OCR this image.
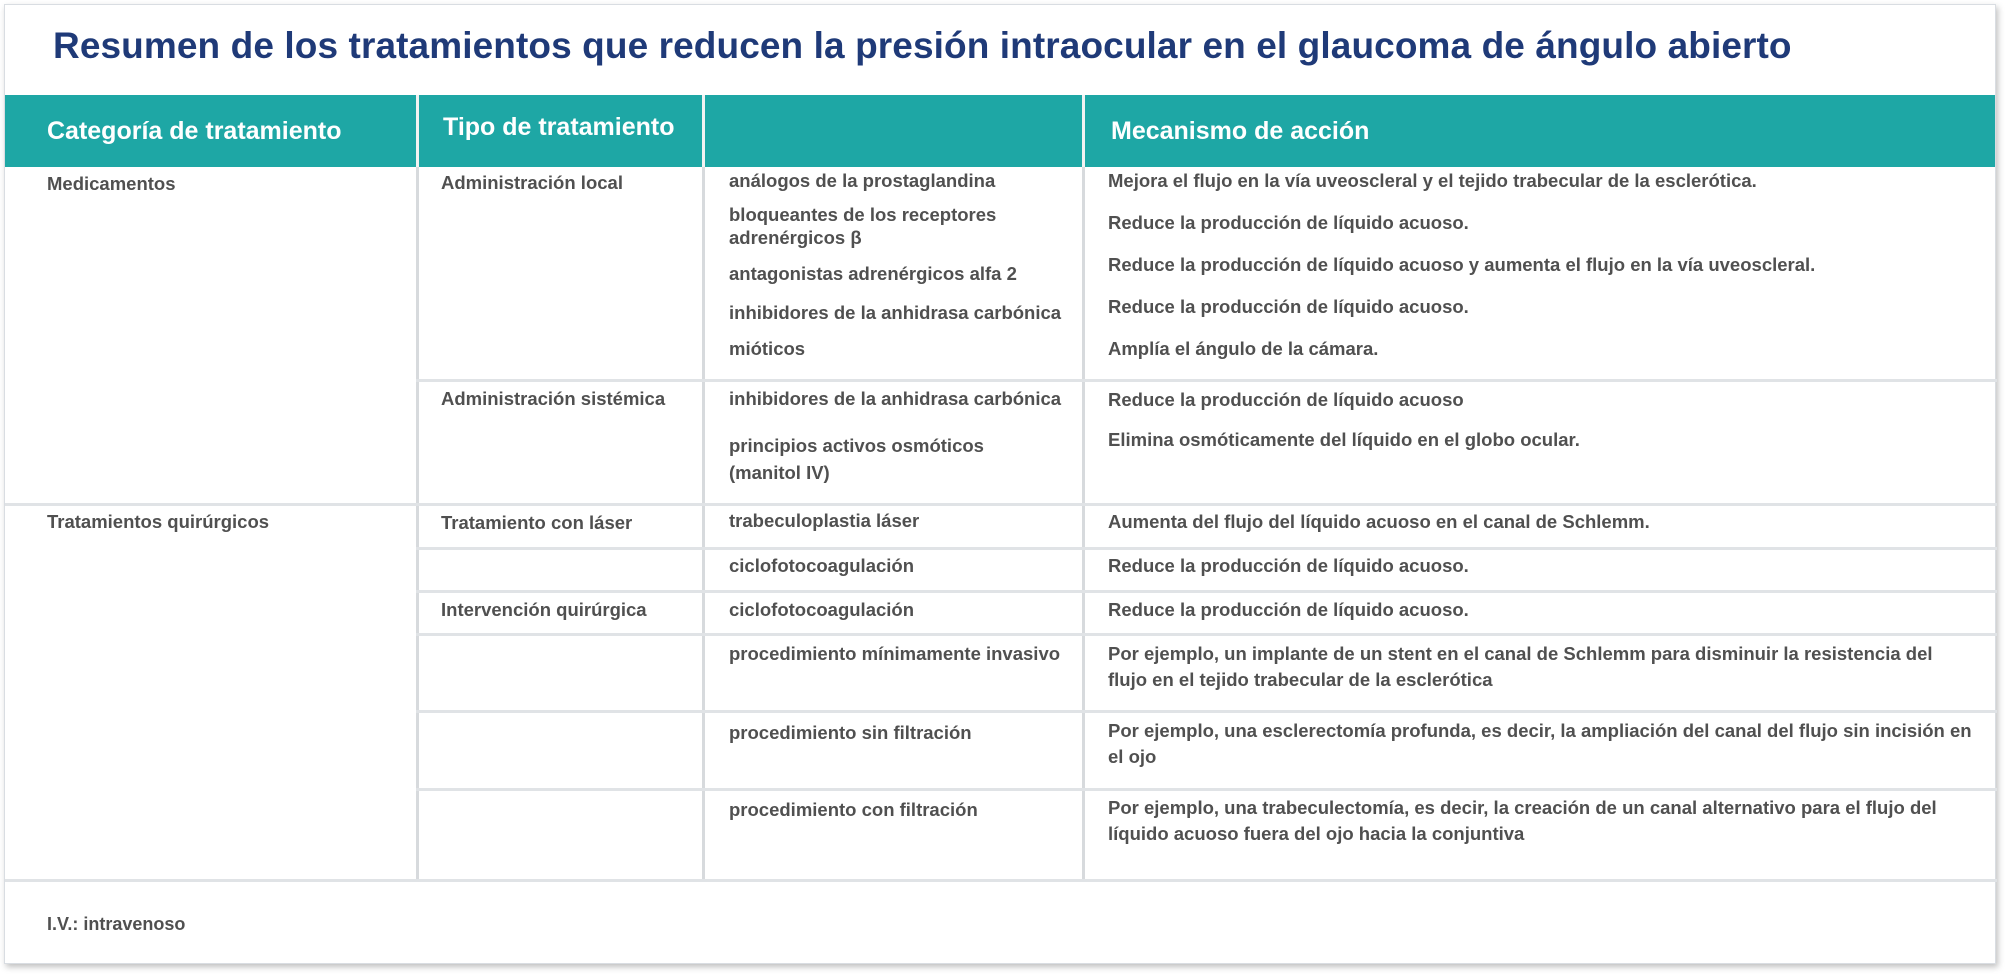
Resumen de los tratamientos que reducen la presión intraocular en el glaucoma de ángulo abierto
Categoría de tratamiento	Tipo de tratamiento	Mecanismo de acción
Medicamentos
Tratamientos quirúrgicos
Administración local
Administración sistémica
Tratamiento con láser
Intervención quirúrgica
análogos de la prostaglandina
bloqueantes de los receptores adrenérgicos β
antagonistas adrenérgicos alfa 2
inhibidores de la anhidrasa carbónica
mióticos
inhibidores de la anhidrasa carbónica
principios activos osmóticos (manitol IV)
trabeculoplastia láser
ciclofotocoagulación
ciclofotocoagulación
procedimiento mínimamente invasivo
procedimiento sin filtración
procedimiento con filtración
Mejora el flujo en la vía uveoscleral y el tejido trabecular de la esclerótica.
Reduce la producción de líquido acuoso.
Reduce la producción de líquido acuoso y aumenta el flujo en la vía uveoscleral.
Reduce la producción de líquido acuoso.
Amplía el ángulo de la cámara.
Reduce la producción de líquido acuoso
Elimina osmóticamente del líquido en el globo ocular.
Aumenta del flujo del líquido acuoso en el canal de Schlemm.
Reduce la producción de líquido acuoso.
Reduce la producción de líquido acuoso.
Por ejemplo, un implante de un stent en el canal de Schlemm para disminuir la resistencia del flujo en el tejido trabecular de la esclerótica
Por ejemplo, una esclerectomía profunda, es decir, la ampliación del canal del flujo sin incisión en el ojo
Por ejemplo, una trabeculectomía, es decir, la creación de un canal alternativo para el flujo del líquido acuoso fuera del ojo hacia la conjuntiva
I.V.: intravenoso
